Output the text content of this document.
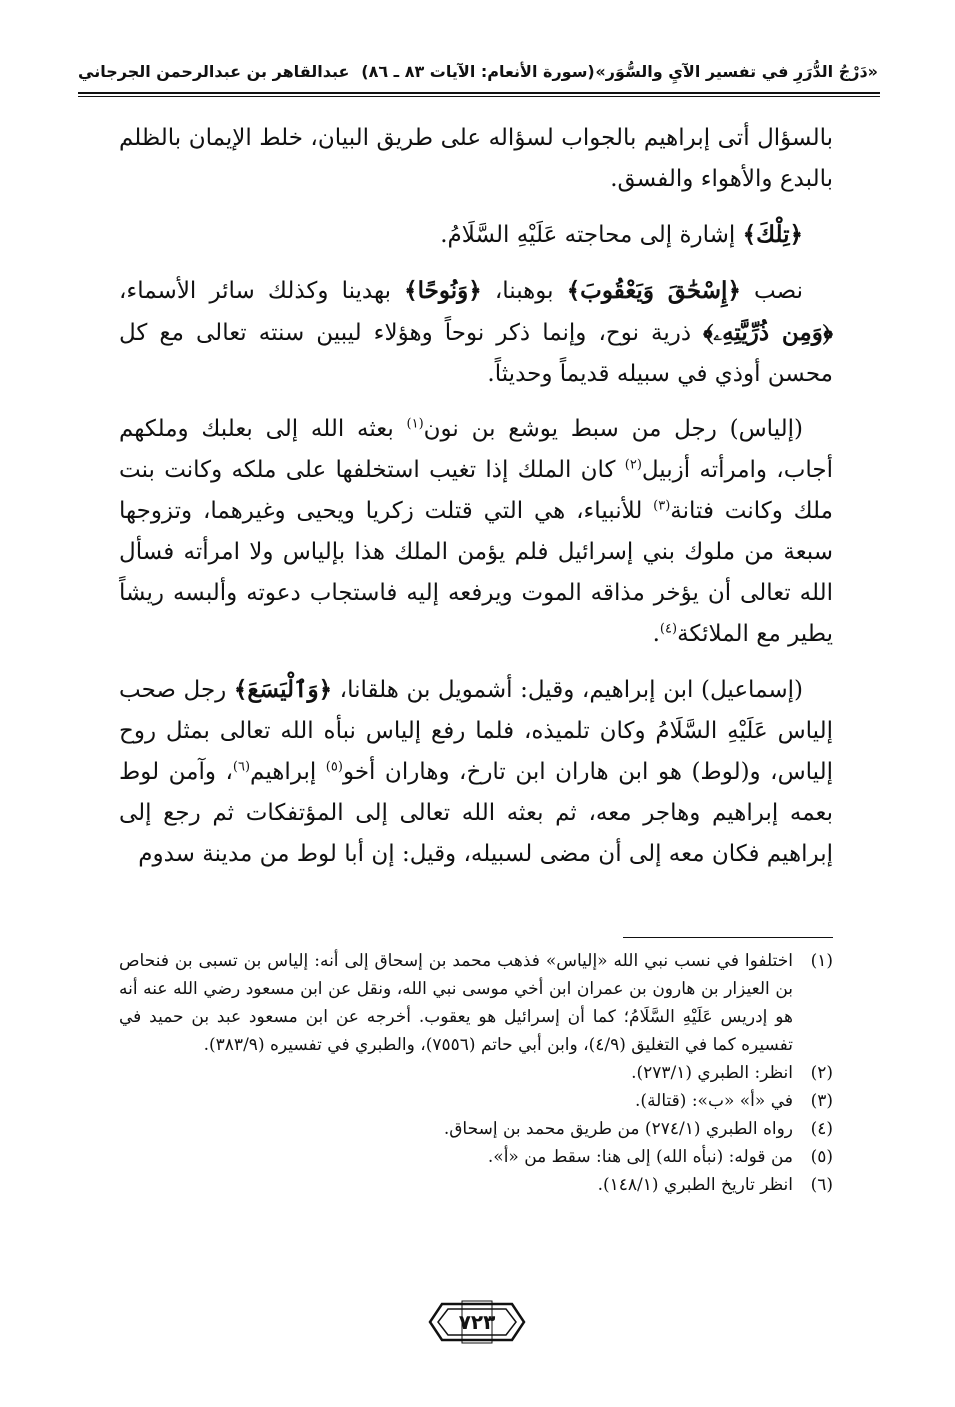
«دَرْجُ الدُّرَرِ في تفسير الآيِ والسُّوَر»
(سورة الأنعام: الآيات ٨٣ ـ ٨٦)
عبدالقاهر بن عبدالرحمن الجرجاني

بالسؤال أتى إبراهيم بالجواب لسؤاله على طريق البيان، خلط الإيمان بالظلم بالبدع والأهواء والفسق.

﴿تِلْكَ﴾ إشارة إلى محاجته عَلَيْهِ السَّلَامُ.

نصب ﴿إِسْحَٰقَ وَيَعْقُوبَ﴾ بوهبنا، ﴿وَنُوحًا﴾ بهدينا وكذلك سائر الأسماء، ﴿وَمِن ذُرِّيَّتِهِۦ﴾ ذرية نوح، وإنما ذكر نوحاً وهؤلاء ليبين سنته تعالى مع كل محسن أوذي في سبيله قديماً وحديثاً.

(إلياس) رجل من سبط يوشع بن نون$^{(١)}$ بعثه الله إلى بعلبك وملكهم أجاب، وامرأته أزبيل$^{(٢)}$ كان الملك إذا تغيب استخلفها على ملكه وكانت بنت ملك وكانت فتانة$^{(٣)}$ للأنبياء، هي التي قتلت زكريا ويحيى وغيرهما، وتزوجها سبعة من ملوك بني إسرائيل فلم يؤمن الملك هذا بإلياس ولا امرأته فسأل الله تعالى أن يؤخر مذاقه الموت ويرفعه إليه فاستجاب دعوته وألبسه ريشاً يطير مع الملائكة$^{(٤)}$.

(إسماعيل) ابن إبراهيم، وقيل: أشمويل بن هلقانا، ﴿وَٱلْيَسَعَ﴾ رجل صحب إلياس عَلَيْهِ السَّلَامُ وكان تلميذه، فلما رفع إلياس نبأه الله تعالى بمثل روح إلياس، و(لوط) هو ابن هاران ابن تارخ، وهاران أخو$^{(٥)}$ إبراهيم$^{(٦)}$، وآمن لوط بعمه إبراهيم وهاجر معه، ثم بعثه الله تعالى إلى المؤتفكات ثم رجع إلى إبراهيم فكان معه إلى أن مضى لسبيله، وقيل: إن أبا لوط من مدينة سدوم

(١)
اختلفوا في نسب نبي الله «إلياس» فذهب محمد بن إسحاق إلى أنه: إلياس بن تسبى بن فنحاص بن العيزار بن هارون بن عمران ابن أخي موسى نبي الله، ونقل عن ابن مسعود رضي الله عنه أنه هو إدريس عَلَيْهِ السَّلَامُ؛ كما أن إسرائيل هو يعقوب. أخرجه عن ابن مسعود عبد بن حميد في تفسيره كما في التغليق (٤/٩)، وابن أبي حاتم (٧٥٥٦)، والطبري في تفسيره (٣٨٣/٩).
(٢)
انظر: الطبري (٢٧٣/١).
(٣)
في «أ» «ب»: (قتالة).
(٤)
رواه الطبري (٢٧٤/١) من طريق محمد بن إسحاق.
(٥)
من قوله: (نبأه الله) إلى هنا: سقط من «أ».
(٦)
انظر تاريخ الطبري (١٤٨/١).
٧٢٣
